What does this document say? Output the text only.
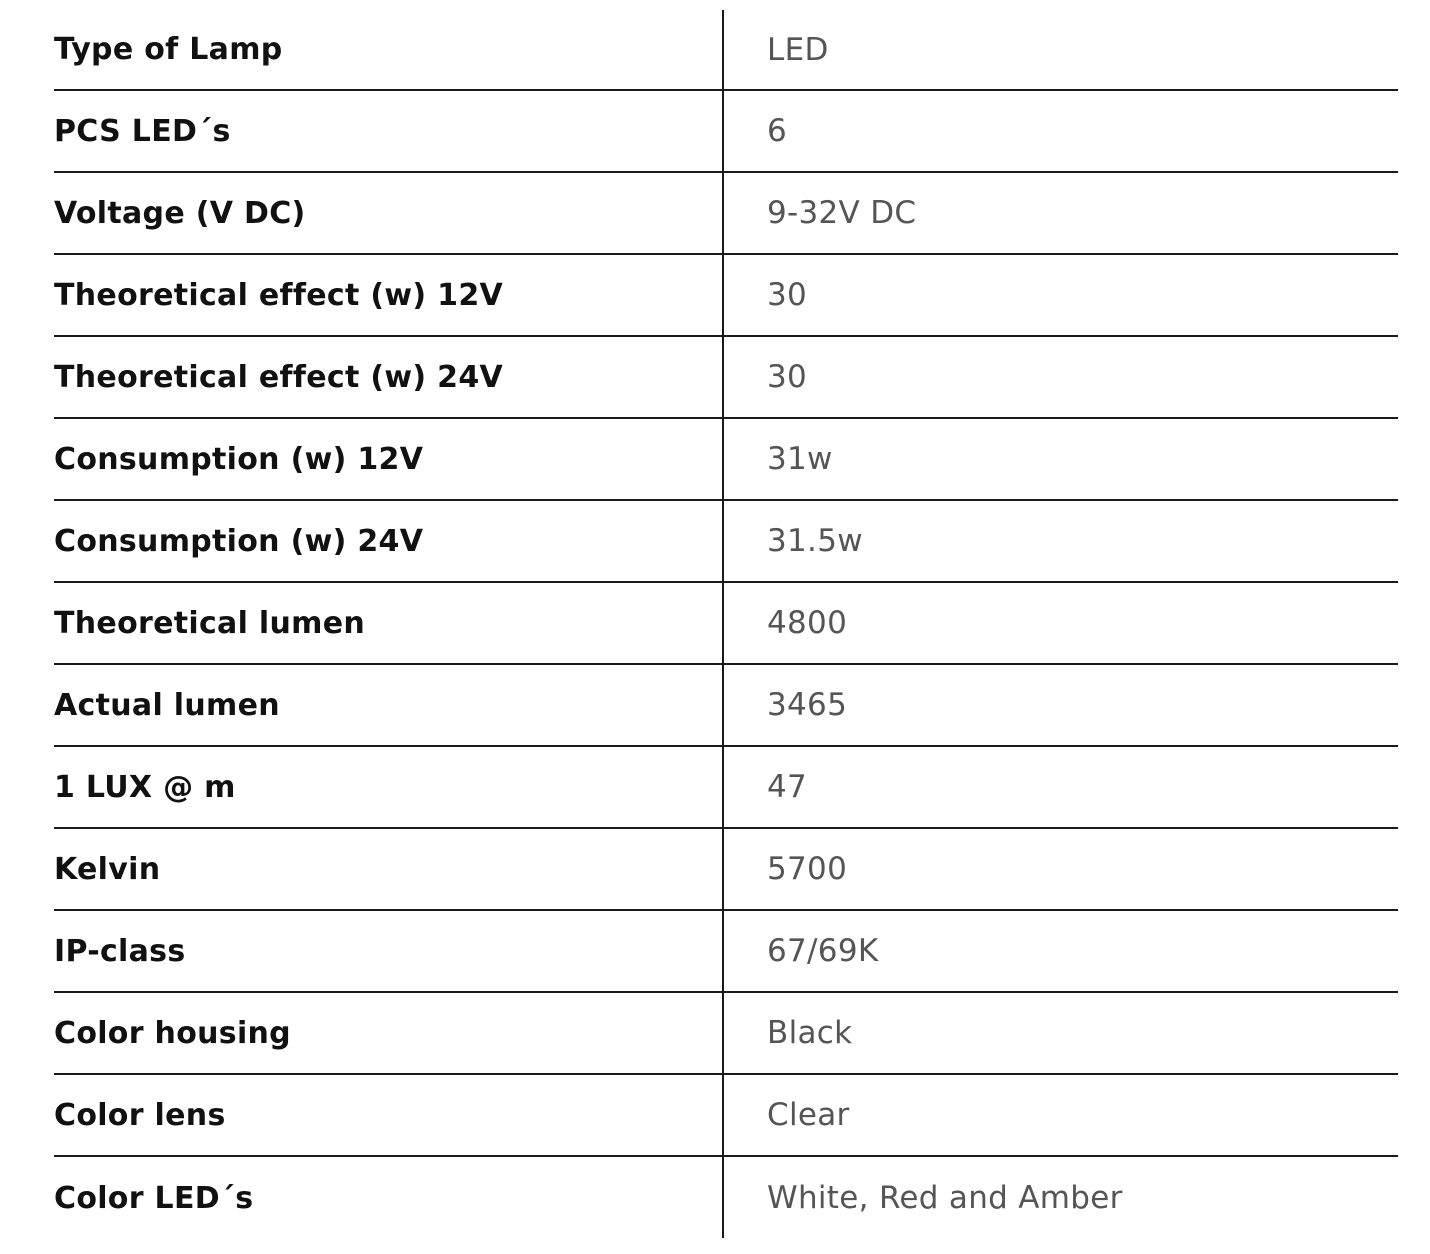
Type of Lamp	LED
PCS LED´s	6
Voltage (V DC)	9-32V DC
Theoretical effect (w) 12V	30
Theoretical effect (w) 24V	30
Consumption (w) 12V	31w
Consumption (w) 24V	31.5w
Theoretical lumen	4800
Actual lumen	3465
1 LUX @ m	47
Kelvin	5700
IP-class	67/69K
Color housing	Black
Color lens	Clear
Color LED´s	White, Red and Amber
